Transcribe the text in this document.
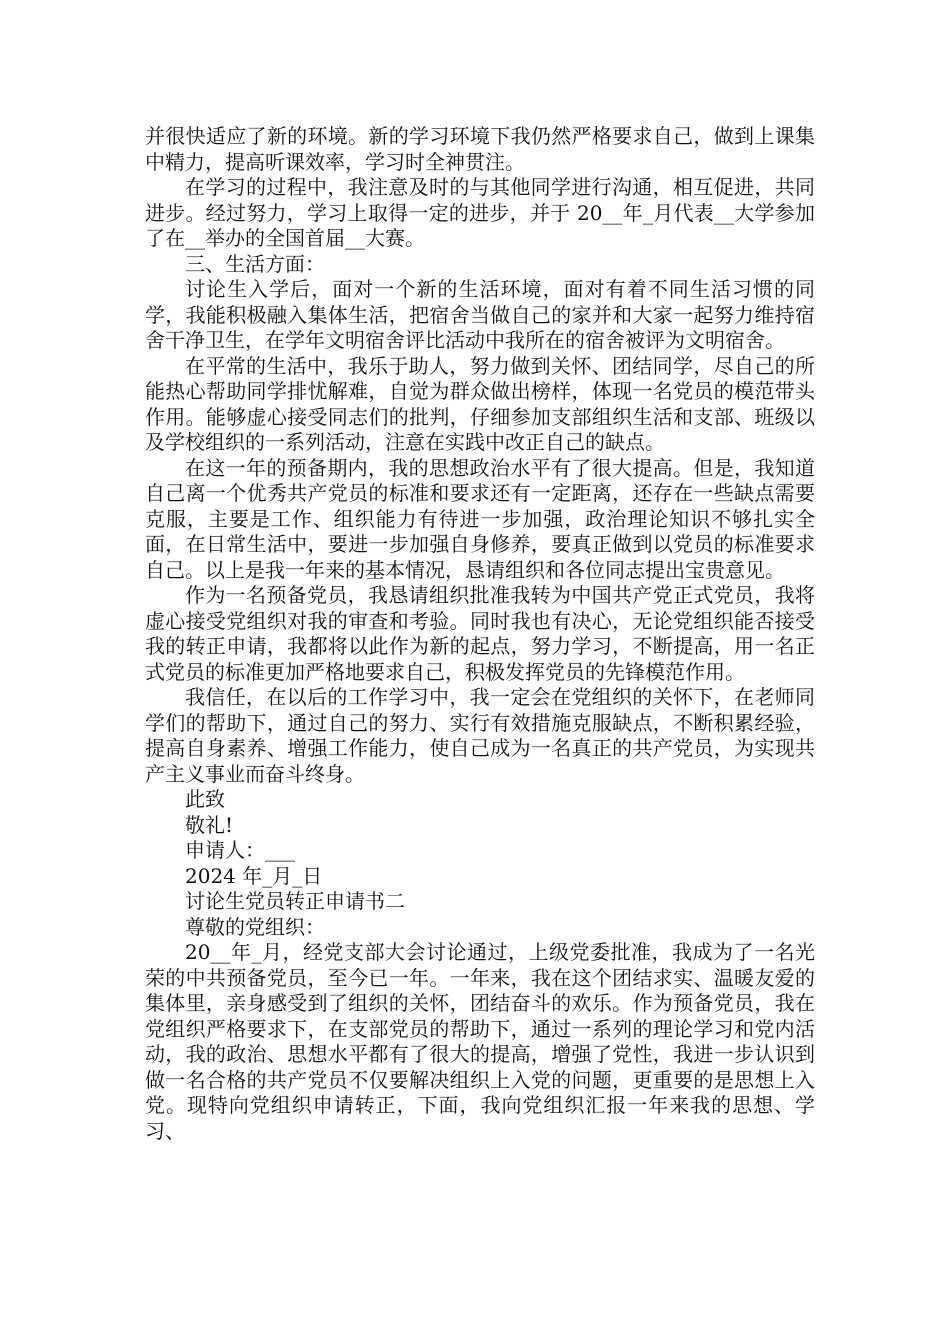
并很快适应了新的环境。新的学习环境下我仍然严格要求自己，做到上课集中精力，提高听课效率，学习时全神贯注。

在学习的过程中，我注意及时的与其他同学进行沟通，相互促进，共同进步。经过努力，学习上取得一定的进步，并于 20__年_月代表__大学参加了在__举办的全国首届__大赛。

三、生活方面：

讨论生入学后，面对一个新的生活环境，面对有着不同生活习惯的同学，我能积极融入集体生活，把宿舍当做自己的家并和大家一起努力维持宿舍干净卫生，在学年文明宿舍评比活动中我所在的宿舍被评为文明宿舍。

在平常的生活中，我乐于助人，努力做到关怀、团结同学，尽自己的所能热心帮助同学排忧解难，自觉为群众做出榜样，体现一名党员的模范带头作用。能够虚心接受同志们的批判，仔细参加支部组织生活和支部、班级以及学校组织的一系列活动，注意在实践中改正自己的缺点。

在这一年的预备期内，我的思想政治水平有了很大提高。但是，我知道自己离一个优秀共产党员的标准和要求还有一定距离，还存在一些缺点需要克服，主要是工作、组织能力有待进一步加强，政治理论知识不够扎实全面，在日常生活中，要进一步加强自身修养，要真正做到以党员的标准要求自己。以上是我一年来的基本情况，恳请组织和各位同志提出宝贵意见。

作为一名预备党员，我恳请组织批准我转为中国共产党正式党员，我将虚心接受党组织对我的审查和考验。同时我也有决心，无论党组织能否接受我的转正申请，我都将以此作为新的起点，努力学习，不断提高，用一名正式党员的标准更加严格地要求自己，积极发挥党员的先锋模范作用。

我信任，在以后的工作学习中，我一定会在党组织的关怀下，在老师同学们的帮助下，通过自己的努力、实行有效措施克服缺点，不断积累经验，提高自身素养、增强工作能力，使自己成为一名真正的共产党员，为实现共产主义事业而奋斗终身。

此致

敬礼!

申请人：___

2024 年_月_日

讨论生党员转正申请书二

尊敬的党组织：

20__年_月，经党支部大会讨论通过，上级党委批准，我成为了一名光荣的中共预备党员，至今已一年。一年来，我在这个团结求实、温暖友爱的集体里，亲身感受到了组织的关怀，团结奋斗的欢乐。作为预备党员，我在党组织严格要求下，在支部党员的帮助下，通过一系列的理论学习和党内活动，我的政治、思想水平都有了很大的提高，增强了党性，我进一步认识到做一名合格的共产党员不仅要解决组织上入党的问题，更重要的是思想上入党。现特向党组织申请转正，下面，我向党组织汇报一年来我的思想、学习、
